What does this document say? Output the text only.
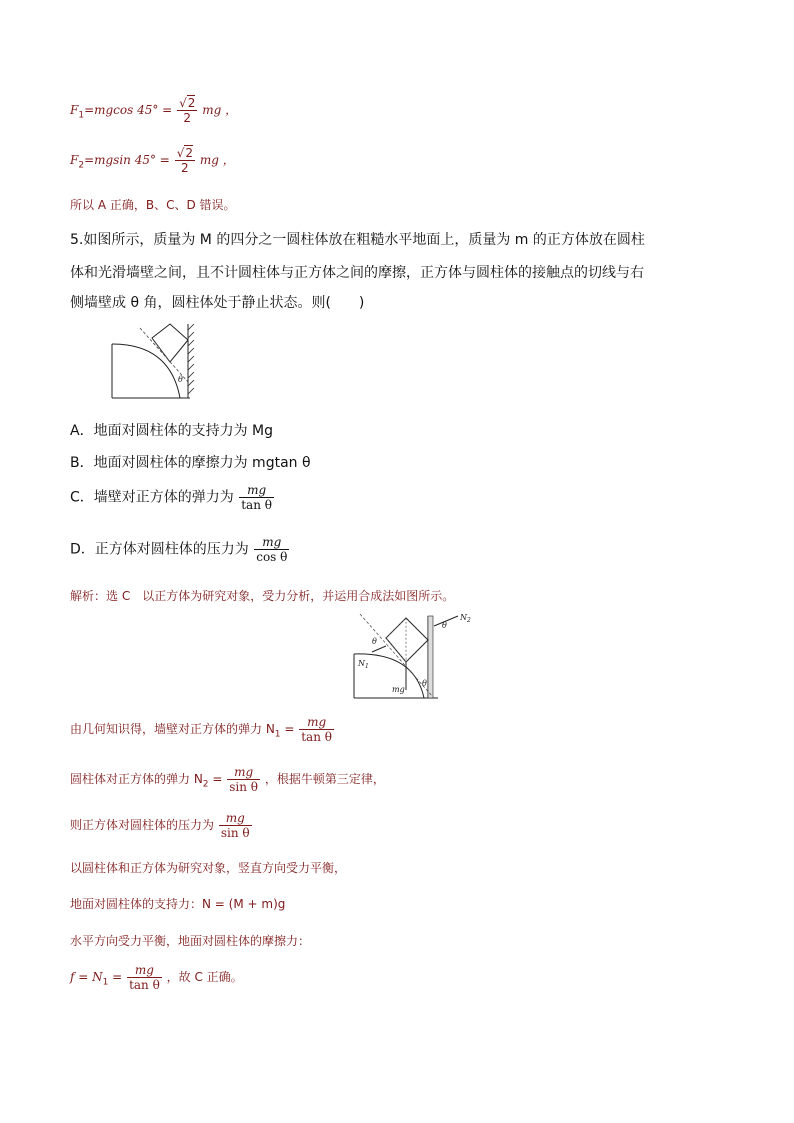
$F_1=mgcos$ $45^\circ = \frac{√2}{2}$ mg ，
$F_2=mgsin$ $45^\circ = \frac{√2}{2}$ mg ，
所以 A 正确，B、C、D 错误。
5.如图所示，质量为 M 的四分之一圆柱体放在粗糙水平地面上，质量为 m 的正方体放在圆柱
体和光滑墙壁之间，且不计圆柱体与正方体之间的摩擦，正方体与圆柱体的接触点的切线与右
侧墙壁成 θ 角，圆柱体处于静止状态。则(　　)
θ
A．地面对圆柱体的支持力为 Mg
B．地面对圆柱体的摩擦力为 mgtan θ
C．墙壁对正方体的弹力为 $\frac{mg}{\text{tan θ}}$
D．正方体对圆柱体的压力为 $\frac{mg}{\text{cos θ}}$
解析：选 C　以正方体为研究对象，受力分析，并运用合成法如图所示。
θ
θ
θ
$N_1$
$N_2$
mg
由几何知识得，墙壁对正方体的弹力 $N_1 = \frac{mg}{\text{tan θ}}$
圆柱体对正方体的弹力 $N_2 = \frac{mg}{\text{sin θ}}$ ，根据牛顿第三定律，
则正方体对圆柱体的压力为 $\frac{mg}{\text{sin θ}}$
以圆柱体和正方体为研究对象，竖直方向受力平衡，
地面对圆柱体的支持力：N = (M + m)g
水平方向受力平衡，地面对圆柱体的摩擦力：
$f = N_1 = \frac{mg}{\text{tan θ}}$ ，故 C 正确。
